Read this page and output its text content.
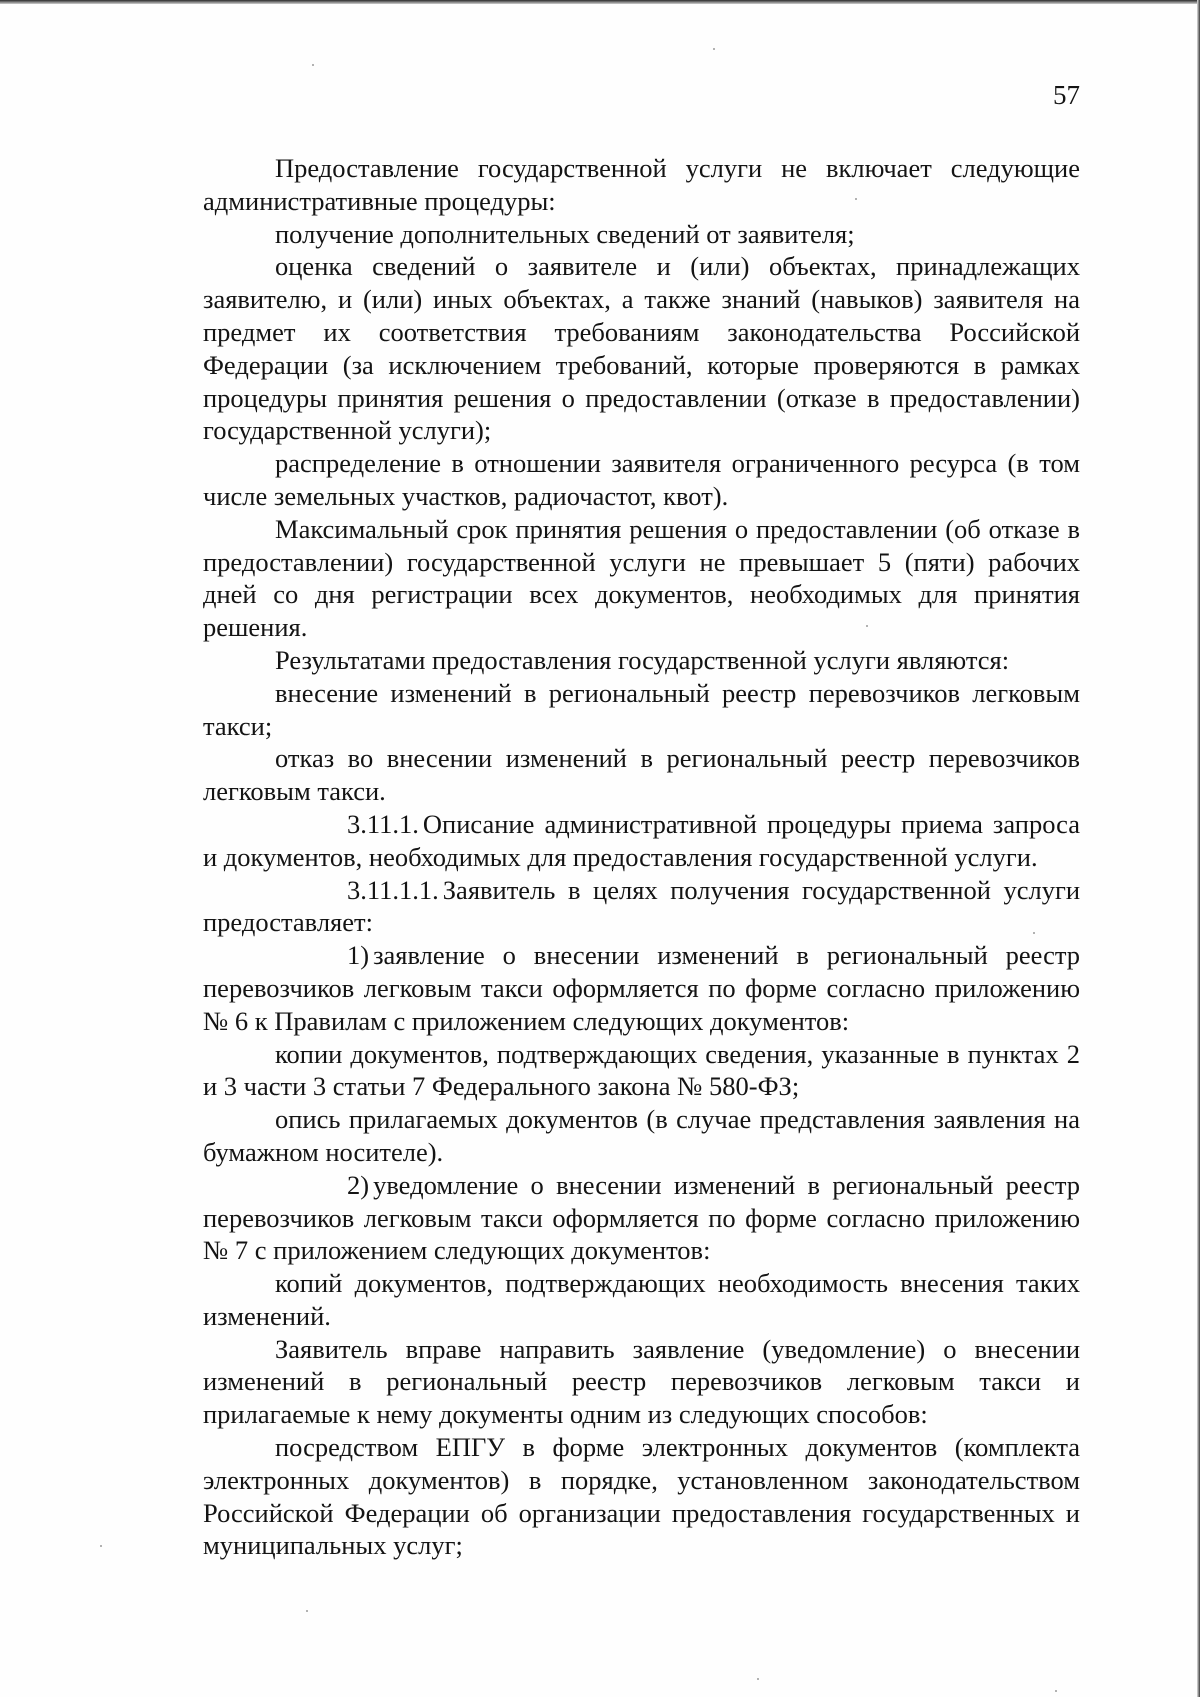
57

Предоставление государственной услуги не включает следующие административные процедуры:

получение дополнительных сведений от заявителя;

оценка сведений о заявителе и (или) объектах, принадлежащих заявителю, и (или) иных объектах, а также знаний (навыков) заявителя на предмет их соответствия требованиям законодательства Российской Федерации (за исключением требований, которые проверяются в рамках процедуры принятия решения о предоставлении (отказе в предоставлении) государственной услуги);

распределение в отношении заявителя ограниченного ресурса (в том числе земельных участков, радиочастот, квот).

Максимальный срок принятия решения о предоставлении (об отказе в предоставлении) государственной услуги не превышает 5 (пяти) рабочих дней со дня регистрации всех документов, необходимых для принятия решения.

Результатами предоставления государственной услуги являются:

внесение изменений в региональный реестр перевозчиков легковым такси;

отказ во внесении изменений в региональный реестр перевозчиков легковым такси.

3.11.1. Описание административной процедуры приема запроса и документов, необходимых для предоставления государственной услуги.

3.11.1.1. Заявитель в целях получения государственной услуги предоставляет:

1) заявление о внесении изменений в региональный реестр перевозчиков легковым такси оформляется по форме согласно приложению № 6 к Правилам с приложением следующих документов:

копии документов, подтверждающих сведения, указанные в пунктах 2 и 3 части 3 статьи 7 Федерального закона № 580-ФЗ;

опись прилагаемых документов (в случае представления заявления на бумажном носителе).

2) уведомление о внесении изменений в региональный реестр перевозчиков легковым такси оформляется по форме согласно приложению № 7 с приложением следующих документов:

копий документов, подтверждающих необходимость внесения таких изменений.

Заявитель вправе направить заявление (уведомление) о внесении изменений в региональный реестр перевозчиков легковым такси и прилагаемые к нему документы одним из следующих способов:

посредством ЕПГУ в форме электронных документов (комплекта электронных документов) в порядке, установленном законодательством Российской Федерации об организации предоставления государственных и муниципальных услуг;
